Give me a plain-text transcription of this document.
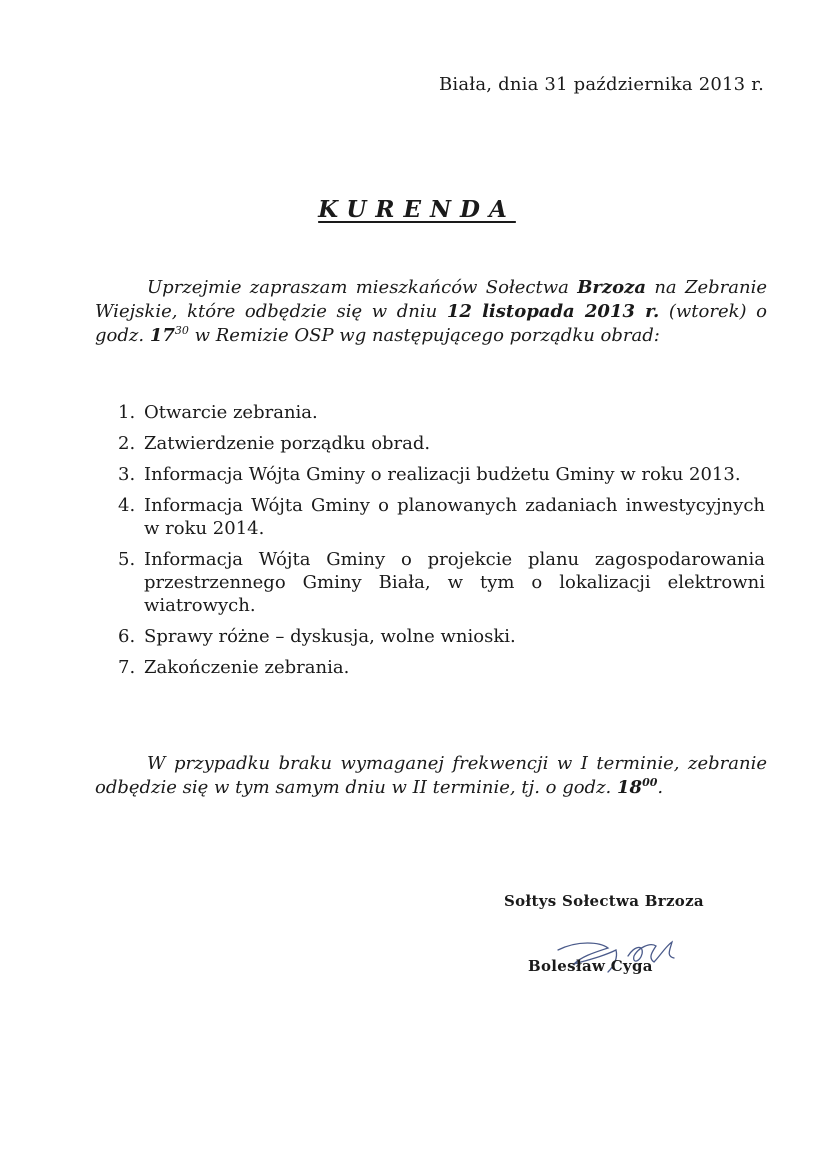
Biała, dnia 31 października 2013 r.
KURENDA

Uprzejmie zapraszam mieszkańców Sołectwa Brzoza na Zebranie Wiejskie, które odbędzie się w dniu 12 listopada 2013 r. (wtorek) o godz. $17^{30}$ w Remizie OSP wg następującego porządku obrad:

1. Otwarcie zebrania.
2. Zatwierdzenie porządku obrad.
3. Informacja Wójta Gminy o realizacji budżetu Gminy w roku 2013.
4. Informacja Wójta Gminy o planowanych zadaniach inwestycyjnych w roku 2014.
5. Informacja Wójta Gminy o projekcie planu zagospodarowania przestrzennego Gminy Biała, w tym o lokalizacji elektrowni wiatrowych.
6. Sprawy różne – dyskusja, wolne wnioski.
7. Zakończenie zebrania.

W przypadku braku wymaganej frekwencji w I terminie, zebranie odbędzie się w tym samym dniu w II terminie, tj. o godz. $18^{00}$.

Sołtys Sołectwa Brzoza
Bolesław Cyga
